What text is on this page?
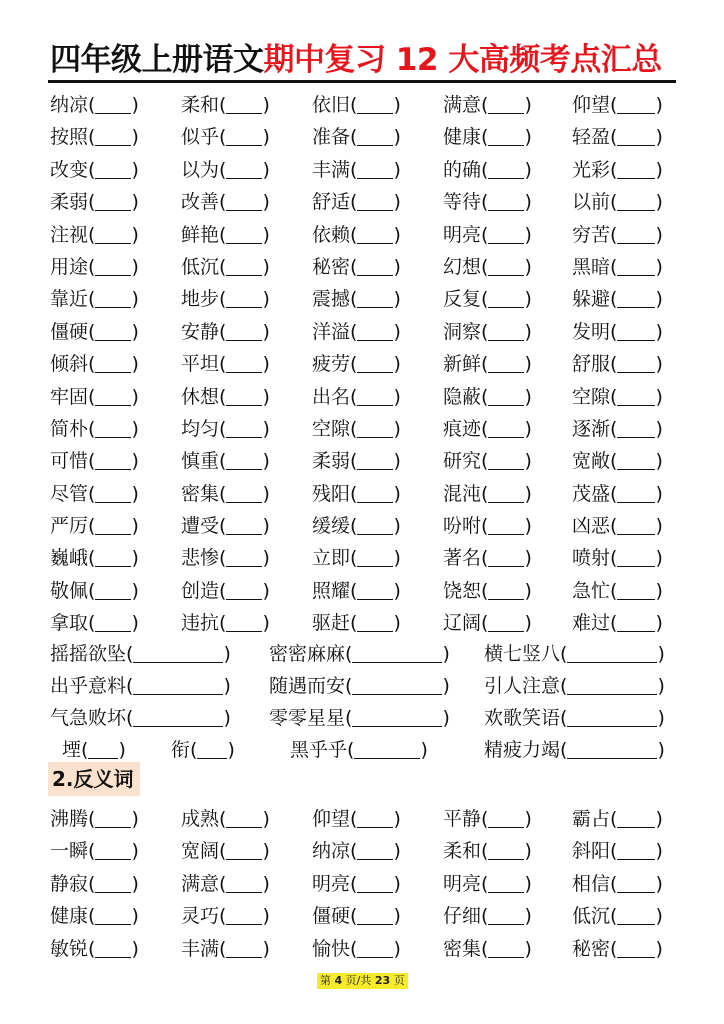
四年级上册语文期中复习 12 大高频考点汇总
纳凉( )	柔和( )	依旧( )	满意( )	仰望( )
按照( )	似乎( )	准备( )	健康( )	轻盈( )
改变( )	以为( )	丰满( )	的确( )	光彩( )
柔弱( )	改善( )	舒适( )	等待( )	以前( )
注视( )	鲜艳( )	依赖( )	明亮( )	穷苦( )
用途( )	低沉( )	秘密( )	幻想( )	黑暗( )
靠近( )	地步( )	震撼( )	反复( )	躲避( )
僵硬( )	安静( )	洋溢( )	洞察( )	发明( )
倾斜( )	平坦( )	疲劳( )	新鲜( )	舒服( )
牢固( )	休想( )	出名( )	隐蔽( )	空隙( )
简朴( )	均匀( )	空隙( )	痕迹( )	逐渐( )
可惜( )	慎重( )	柔弱( )	研究( )	宽敞( )
尽管( )	密集( )	残阳( )	混沌( )	茂盛( )
严厉( )	遭受( )	缓缓( )	吩咐( )	凶恶( )
巍峨( )	悲惨( )	立即( )	著名( )	喷射( )
敬佩( )	创造( )	照耀( )	饶恕( )	急忙( )
拿取( )	违抗( )	驱赶( )	辽阔( )	难过( )
摇摇欲坠(	) 密密麻麻(	) 横七竖八(	)
出乎意料(	) 随遇而安(	) 引人注意(	)
气急败坏(	) 零零星星(	) 欢歌笑语(	)
堙( ) 衔( )	黑乎乎(	)	精疲力竭(	)
2.反义词
沸腾( )	成熟( )	仰望( )	平静( )	霸占( )
一瞬( )	宽阔( )	纳凉( )	柔和( )	斜阳( )
静寂( )	满意( )	明亮( )	明亮( )	相信( )
健康( )	灵巧( )	僵硬( )	仔细( )	低沉( )
敏锐( )	丰满( )	愉快( )	密集( )	秘密( )
第 4 页/共 23 页
